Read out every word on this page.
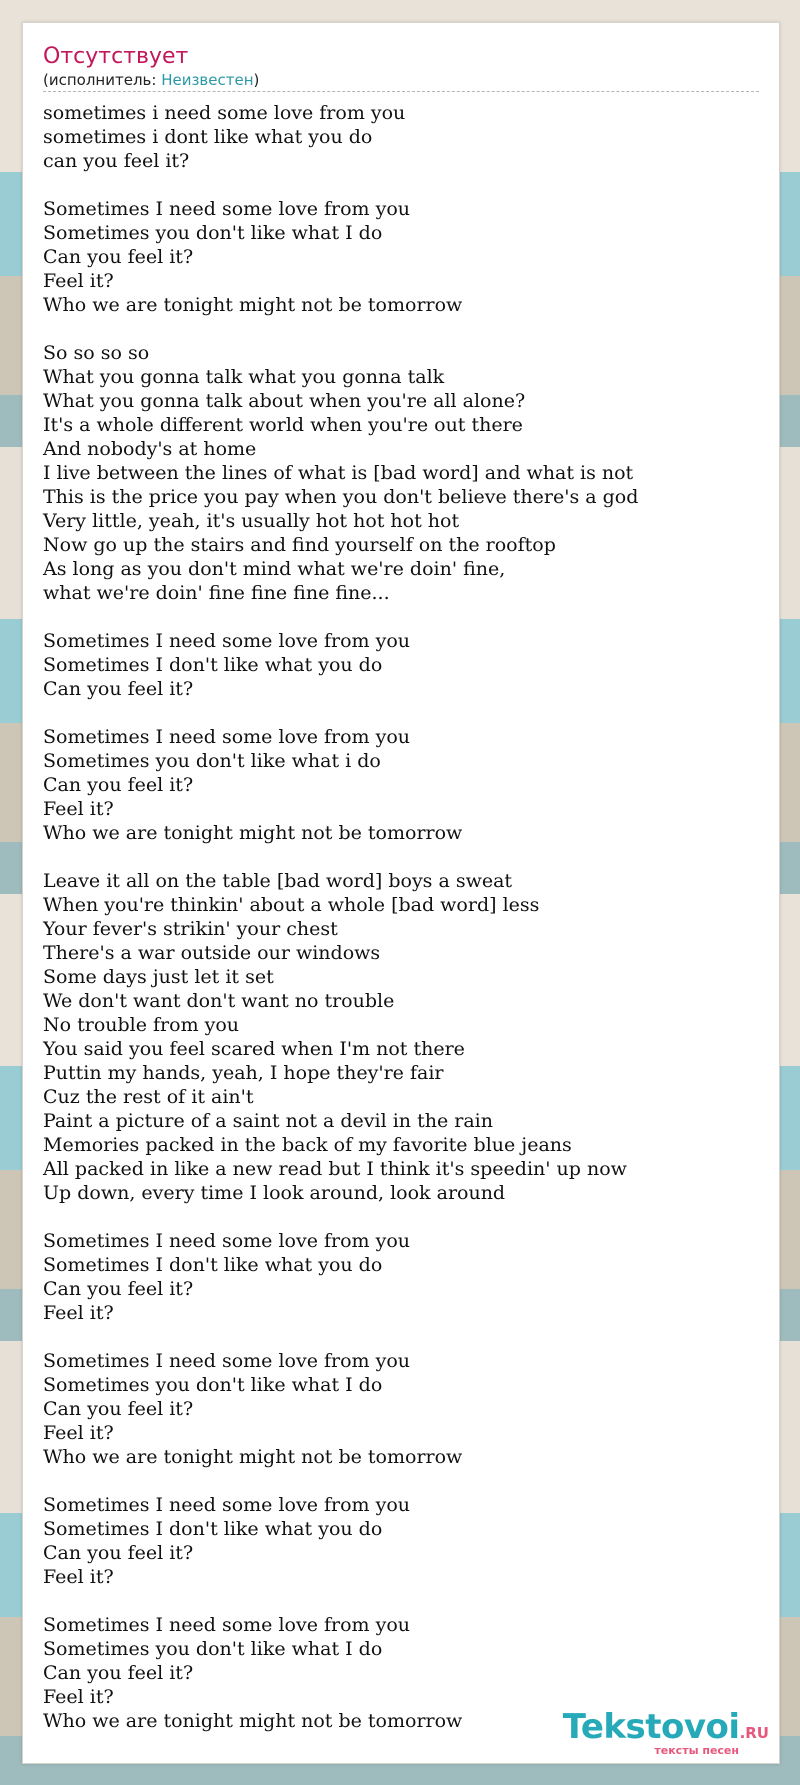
Отсутствует
(исполнитель: Неизвестен)
sometimes i need some love from you
sometimes i dont like what you do
can you feel it?
Sometimes I need some love from you
Sometimes you don't like what I do
Can you feel it?
Feel it?
Who we are tonight might not be tomorrow
So so so so
What you gonna talk what you gonna talk
What you gonna talk about when you're all alone?
It's a whole different world when you're out there
And nobody's at home
I live between the lines of what is [bad word] and what is not
This is the price you pay when you don't believe there's a god
Very little, yeah, it's usually hot hot hot hot
Now go up the stairs and find yourself on the rooftop
As long as you don't mind what we're doin' fine,
what we're doin' fine fine fine fine...
Sometimes I need some love from you
Sometimes I don't like what you do
Can you feel it?
Sometimes I need some love from you
Sometimes you don't like what i do
Can you feel it?
Feel it?
Who we are tonight might not be tomorrow
Leave it all on the table [bad word] boys a sweat
When you're thinkin' about a whole [bad word] less
Your fever's strikin' your chest
There's a war outside our windows
Some days just let it set
We don't want don't want no trouble
No trouble from you
You said you feel scared when I'm not there
Puttin my hands, yeah, I hope they're fair
Cuz the rest of it ain't
Paint a picture of a saint not a devil in the rain
Memories packed in the back of my favorite blue jeans
All packed in like a new read but I think it's speedin' up now
Up down, every time I look around, look around
Sometimes I need some love from you
Sometimes I don't like what you do
Can you feel it?
Feel it?
Sometimes I need some love from you
Sometimes you don't like what I do
Can you feel it?
Feel it?
Who we are tonight might not be tomorrow
Sometimes I need some love from you
Sometimes I don't like what you do
Can you feel it?
Feel it?
Sometimes I need some love from you
Sometimes you don't like what I do
Can you feel it?
Feel it?
Who we are tonight might not be tomorrow	Tekstovoi.RU
тексты песен
